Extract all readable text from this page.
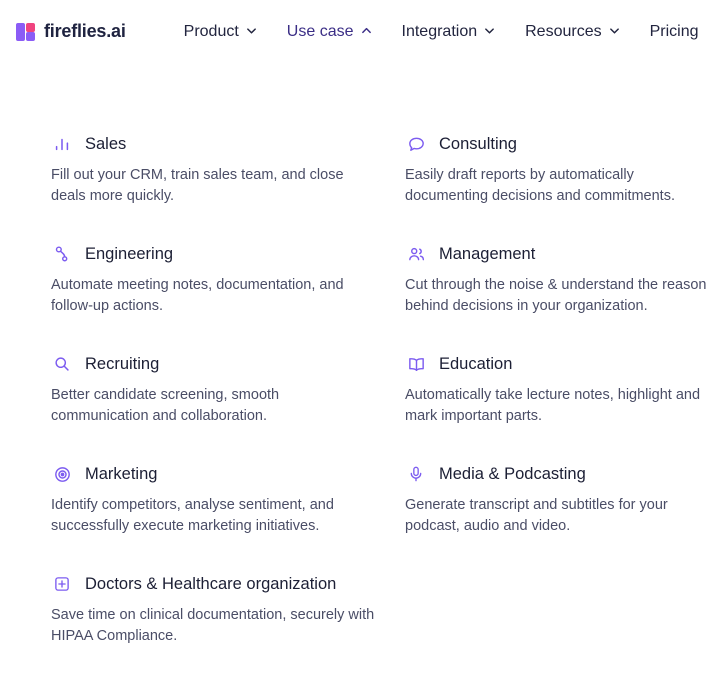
fireflies.ai	Product	Use case	Integration	Resources	Pricing
Sales
Fill out your CRM, train sales team, and close deals more quickly.
Consulting
Easily draft reports by automatically documenting decisions and commitments.
Engineering
Automate meeting notes, documentation, and follow-up actions.
Management
Cut through the noise & understand the reason behind decisions in your organization.
Recruiting
Better candidate screening, smooth communication and collaboration.
Education
Automatically take lecture notes, highlight and mark important parts.
Marketing
Identify competitors, analyse sentiment, and successfully execute marketing initiatives.
Media & Podcasting
Generate transcript and subtitles for your podcast, audio and video.
Doctors & Healthcare organization
Save time on clinical documentation, securely with HIPAA Compliance.
